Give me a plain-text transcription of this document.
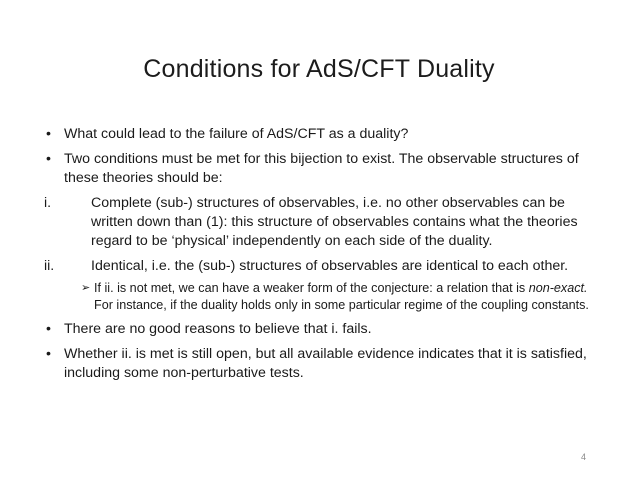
Conditions for AdS/CFT Duality
• What could lead to the failure of AdS/CFT as a duality?
• Two conditions must be met for this bijection to exist. The observable structures of these theories should be:
i.	Complete (sub-) structures of observables, i.e. no other observables can be written down than (1): this structure of observables contains what the theories regard to be ‘physical’ independently on each side of the duality.
ii.	Identical, i.e. the (sub-) structures of observables are identical to each other.
➢ If ii. is not met, we can have a weaker form of the conjecture: a relation that is non-exact. For instance, if the duality holds only in some particular regime of the coupling constants.
• There are no good reasons to believe that i. fails.
• Whether ii. is met is still open, but all available evidence indicates that it is satisfied, including some non-perturbative tests.
4
